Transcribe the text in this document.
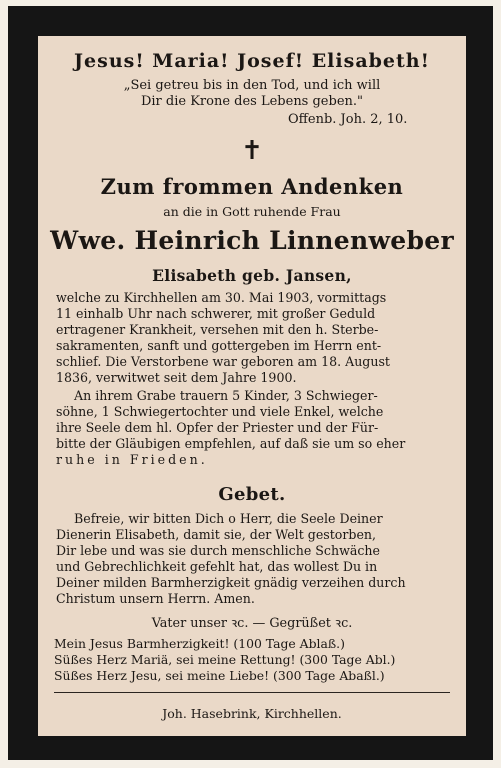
Jesus! Maria! Josef! Elisabeth!
„Sei getreu bis in den Tod, und ich will
Dir die Krone des Lebens geben."
Offenb. Joh. 2, 10.
✝
Zum frommen Andenken
an die in Gott ruhende Frau
Wwe. Heinrich Linnenweber
Elisabeth geb. Jansen,
welche zu Kirchhellen am 30. Mai 1903, vormittags
11 einhalb Uhr nach schwerer, mit großer Geduld
ertragener Krankheit, versehen mit den h. Sterbe-
sakramenten, sanft und gottergeben im Herrn ent-
schlief. Die Verstorbene war geboren am 18. August
1836, verwitwet seit dem Jahre 1900.
An ihrem Grabe trauern 5 Kinder, 3 Schwieger-
söhne, 1 Schwiegertochter und viele Enkel, welche
ihre Seele dem hl. Opfer der Priester und der Für-
bitte der Gläubigen empfehlen, auf daß sie um so eher
ruhe in Frieden.
Gebet.
Befreie, wir bitten Dich o Herr, die Seele Deiner
Dienerin Elisabeth, damit sie, der Welt gestorben,
Dir lebe und was sie durch menschliche Schwäche
und Gebrechlichkeit gefehlt hat, das wollest Du in
Deiner milden Barmherzigkeit gnädig verzeihen durch
Christum unsern Herrn. Amen.
Vater unser ꝛc. — Gegrüßet ꝛc.
Mein Jesus Barmherzigkeit! (100 Tage Ablaß.)
Süßes Herz Mariä, sei meine Rettung! (300 Tage Abl.)
Süßes Herz Jesu, sei meine Liebe! (300 Tage Abaßl.)
Joh. Hasebrink, Kirchhellen.
